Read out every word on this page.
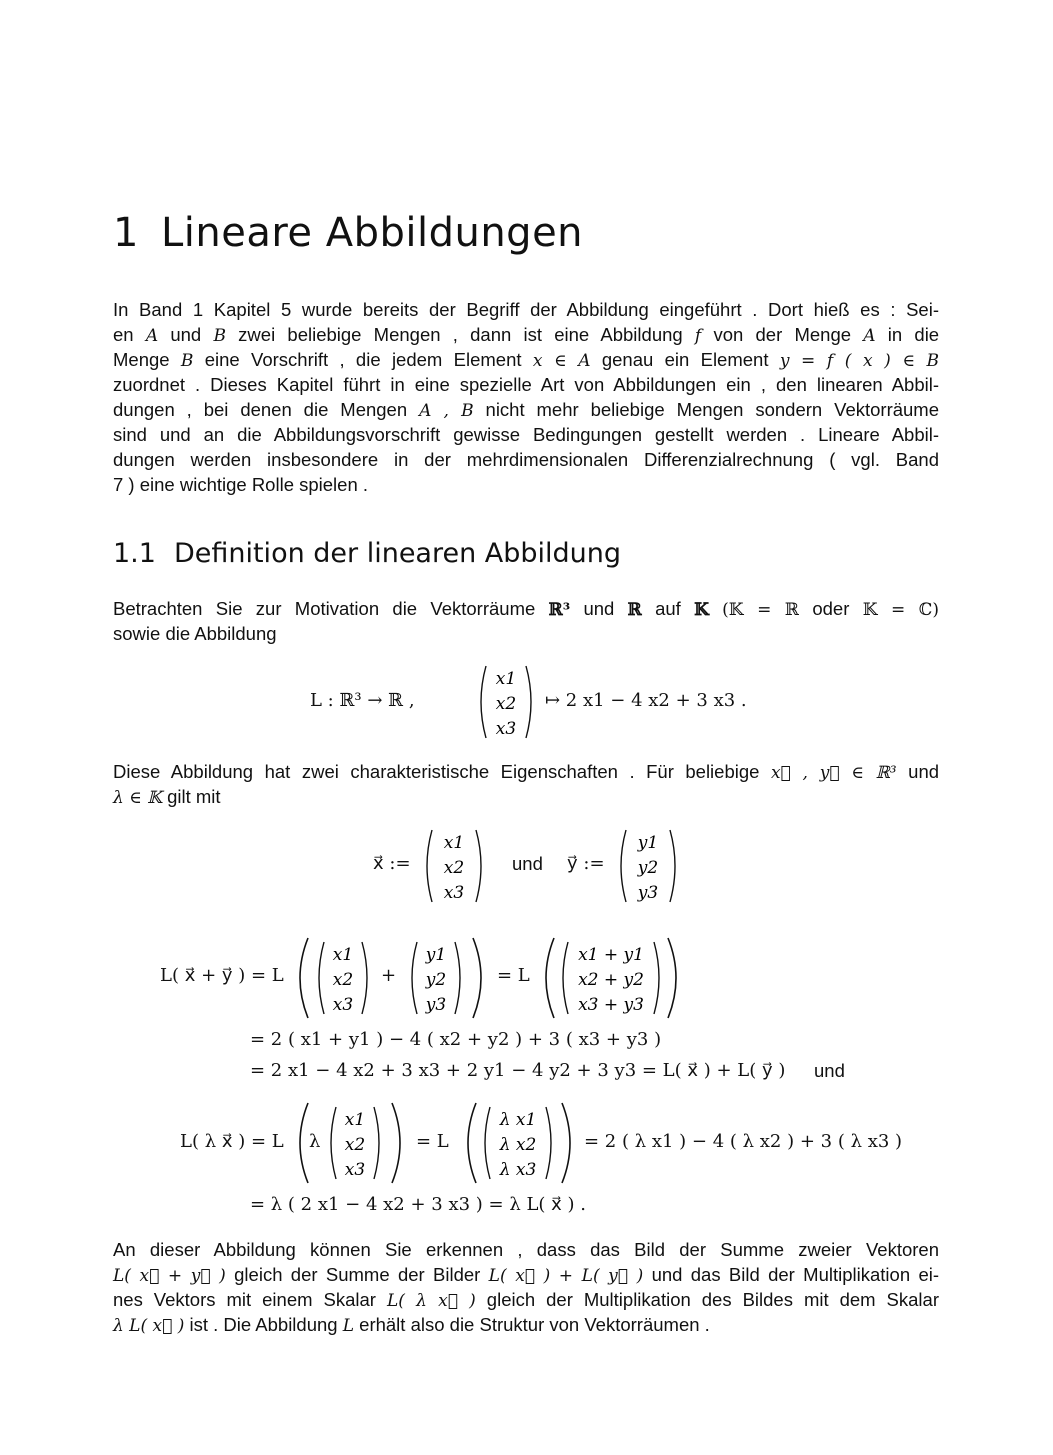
1 Lineare Abbildungen
In Band 1 Kapitel 5 wurde bereits der Begriff der Abbildung eingeführt . Dort hieß es : Sei-
en A und B zwei beliebige Mengen , dann ist eine Abbildung f von der Menge A in die
Menge B eine Vorschrift , die jedem Element x ∈ A genau ein Element y = f ( x ) ∈ B
zuordnet . Dieses Kapitel führt in eine spezielle Art von Abbildungen ein , den linearen Abbil-
dungen , bei denen die Mengen A , B nicht mehr beliebige Mengen sondern Vektorräume
sind und an die Abbildungsvorschrift gewisse Bedingungen gestellt werden . Lineare Abbil-
dungen werden insbesondere in der mehrdimensionalen Differenzialrechnung ( vgl. Band
7 ) eine wichtige Rolle spielen .
1.1 Definition der linearen Abbildung
Betrachten Sie zur Motivation die Vektorräume ℝ³ und ℝ auf 𝕂 (𝕂 = ℝ oder 𝕂 = ℂ)
sowie die Abbildung
L : ℝ³ → ℝ ,
x1
x2
x3
↦ 2 x1 − 4 x2 + 3 x3 .
Diese Abbildung hat zwei charakteristische Eigenschaften . Für beliebige x⃗ , y⃗ ∈ ℝ³ und
λ ∈ 𝕂 gilt mit
x⃗ :=
x1
x2
x3
und y⃗ :=
y1
y2
y3
L( x⃗ + y⃗ ) = L
x1
x2
x3
+
y1
y2
y3
= L
x1 + y1
x2 + y2
x3 + y3
= 2 ( x1 + y1 ) − 4 ( x2 + y2 ) + 3 ( x3 + y3 )
= 2 x1 − 4 x2 + 3 x3 + 2 y1 − 4 y2 + 3 y3 = L( x⃗ ) + L( y⃗ ) und
L( λ x⃗ ) = L λ
x1
x2
x3
= L
λ x1
λ x2
λ x3
= 2 ( λ x1 ) − 4 ( λ x2 ) + 3 ( λ x3 )
= λ ( 2 x1 − 4 x2 + 3 x3 ) = λ L( x⃗ ) .
An dieser Abbildung können Sie erkennen , dass das Bild der Summe zweier Vektoren
L( x⃗ + y⃗ ) gleich der Summe der Bilder L( x⃗ ) + L( y⃗ ) und das Bild der Multiplikation ei-
nes Vektors mit einem Skalar L( λ x⃗ ) gleich der Multiplikation des Bildes mit dem Skalar
λ L( x⃗ ) ist . Die Abbildung L erhält also die Struktur von Vektorräumen .
